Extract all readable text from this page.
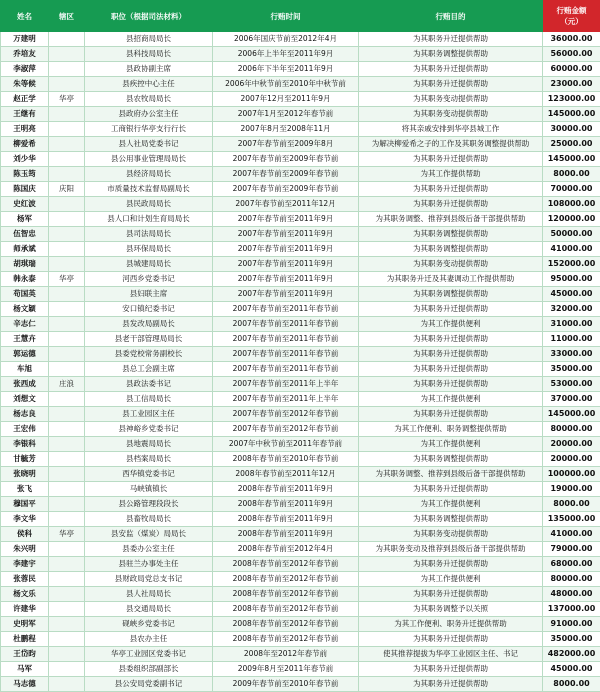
姓名	辖区	职位（根据司法材料）	行贿时间	行贿目的	行贿金额
（元）

万建明		县招商局局长	2006年国庆节前至2012年4月	为其职务升迁提供帮助	36000.00
乔培友		县科技局局长	2006年上半年至2011年9月	为其职务调整提供帮助	56000.00
李淑萍		县政协副主席	2006年下半年至2011年9月	为其职务升迁提供帮助	60000.00
朱等候		县疾控中心主任	2006年中秋节前至2010年中秋节前	为其职务升迁提供帮助	23000.00
赵正学	华亭	县农牧局局长	2007年12月至2011年9月	为其职务变动提供帮助	123000.00
王继有		县政府办公室主任	2007年1月至2012年春节前	为其职务变动提供帮助	145000.00
王明亮		工商银行华亭支行行长	2007年8月至2008年11月	将其亲戚安排到华亭县城工作	30000.00
柳爱希		县人社局党委书记	2007年春节前至2009年8月	为解决柳爱希之子的工作及其职务调整提供帮助	25000.00
刘少华		县公用事业管理局局长	2007年春节前至2009年春节前	为其职务升迁提供帮助	145000.00
陈玉筠		县经济局局长	2007年春节前至2009年春节前	为其工作提供帮助	8000.00
陈国庆	庆阳	市质量技术监督局副局长	2007年春节前至2009年春节前	为其职务升迁提供帮助	70000.00
史红波		县民政局局长	2007年春节前至2011年12月	为其职务升迁提供帮助	108000.00
杨军		县人口和计划生育局局长	2007年春节前至2011年9月	为其职务调整、推荐到县级后备干部提供帮助	120000.00
伍智忠		县司法局局长	2007年春节前至2011年9月	为其职务调整提供帮助	50000.00
师承斌		县环保局局长	2007年春节前至2011年9月	为其职务调整提供帮助	41000.00
胡琪瑞		县城建局局长	2007年春节前至2011年9月	为其职务变动提供帮助	152000.00
韩永泰	华亭	河西乡党委书记	2007年春节前至2011年9月	为其职务升迁及其妻调动工作提供帮助	95000.00
苟国英		县妇联主席	2007年春节前至2011年9月	为其职务调整提供帮助	45000.00
杨文颖		安口镇纪委书记	2007年春节前至2011年春节前	为其职务升迁提供帮助	32000.00
辛志仁		县发改局副局长	2007年春节前至2011年春节前	为其工作提供便利	31000.00
王慧卉		县老干部管理局局长	2007年春节前至2011年春节前	为其职务升迁提供帮助	11000.00
郭运德		县委党校常务副校长	2007年春节前至2011年春节前	为其职务升迁提供帮助	33000.00
车旭		县总工会副主席	2007年春节前至2011年春节前	为其职务升迁提供帮助	35000.00
张西成	庄浪	县政法委书记	2007年春节前至2011年上半年	为其职务升迁提供帮助	53000.00
刘想文		县工信局局长	2007年春节前至2011年上半年	为其工作提供便利	37000.00
杨志良		县工业园区主任	2007年春节前至2012年春节前	为其职务升迁提供帮助	145000.00
王宏伟		县神峪乡党委书记	2007年春节前至2012年春节前	为其工作便利、职务调整提供帮助	80000.00
李银科		县地震局局长	2007年中秋节前至2011年春节前	为其工作提供便利	20000.00
甘毓芳		县档案局局长	2008年春节前至2010年春节前	为其职务调整提供帮助	20000.00
张晓明		西华镇党委书记	2008年春节前至2011年12月	为其职务调整、推荐到县级后备干部提供帮助	100000.00
张飞		马峡镇镇长	2008年春节前至2011年9月	为其职务升迁提供帮助	19000.00
穆国平		县公路管理段段长	2008年春节前至2011年9月	为其工作提供便利	8000.00
李文华		县畜牧局局长	2008年春节前至2011年9月	为其职务调整提供帮助	135000.00
侯科	华亭	县安监（煤炭）局局长	2008年春节前至2011年9月	为其职务变动提供帮助	41000.00
朱兴明		县委办公室主任	2008年春节前至2012年4月	为其职务变动及推荐到县级后备干部提供帮助	79000.00
李建宇		县驻兰办事处主任	2008年春节前至2012年春节前	为其职务升迁提供帮助	68000.00
张蓉民		县财政局党总支书记	2008年春节前至2012年春节前	为其工作提供便利	80000.00
杨文乐		县人社局局长	2008年春节前至2012年春节前	为其职务升迁提供帮助	48000.00
许建华		县交通局局长	2008年春节前至2012年春节前	为其职务调整予以关照	137000.00
史明军		砚峡乡党委书记	2008年春节前至2012年春节前	为其工作便利、职务升迁提供帮助	91000.00
杜鹏程		县农办主任	2008年春节前至2012年春节前	为其职务升迁提供帮助	35000.00
王岱昀		华亭工业园区党委书记	2008年至2012年春节前	使其推荐提拔为华亭工业园区主任、书记	482000.00
马军		县委组织部副部长	2009年8月至2011年春节前	为其职务升迁提供帮助	45000.00
马志德		县公安局党委副书记	2009年春节前至2010年春节前	为其职务升迁提供帮助	8000.00
